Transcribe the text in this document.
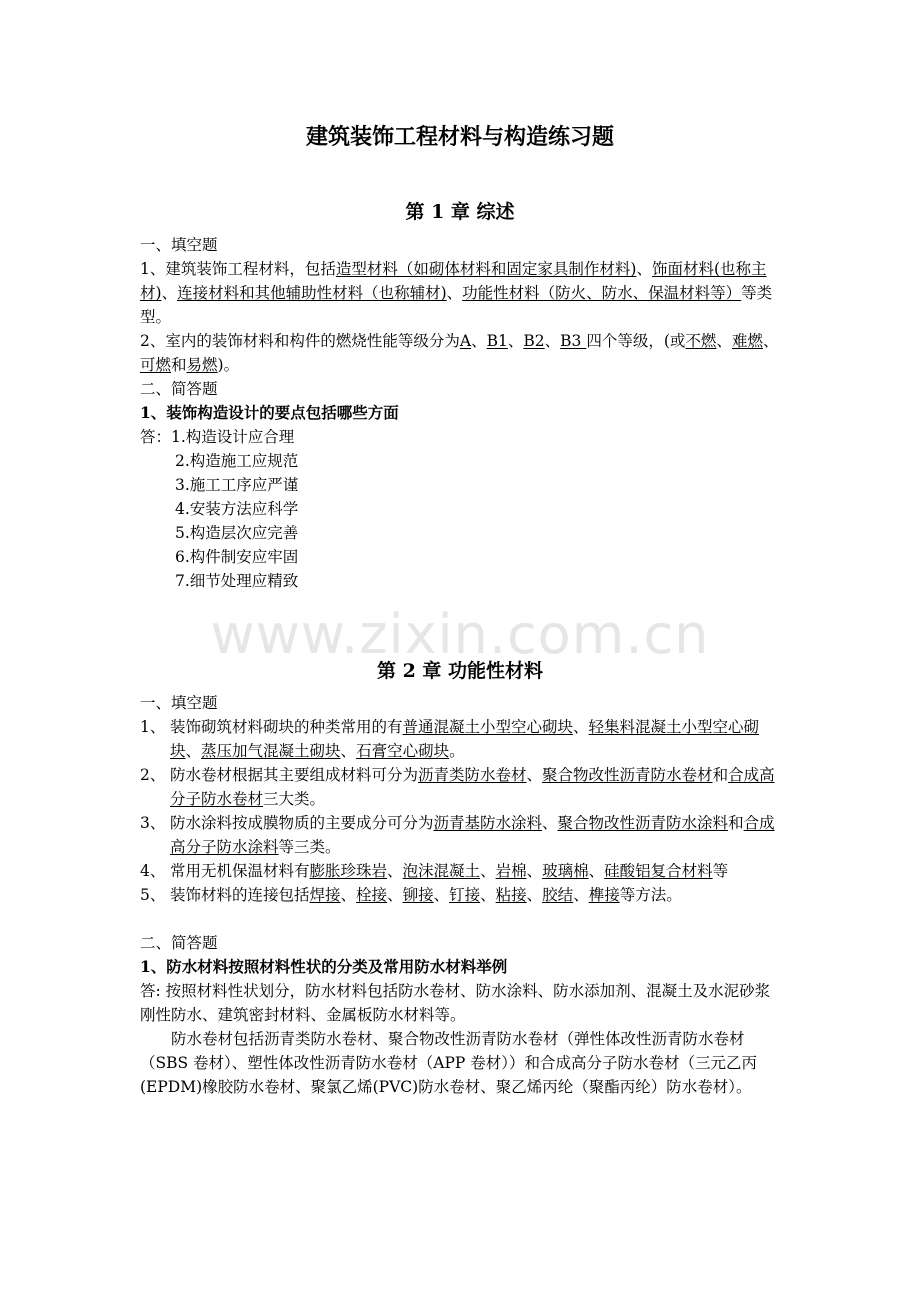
www.zixin.com.cn
建筑装饰工程材料与构造练习题
第 1 章 综述

一、填空题

1、建筑装饰工程材料，包括造型材料（如砌体材料和固定家具制作材料)、饰面材料(也称主材)、连接材料和其他辅助性材料（也称辅材)、功能性材料（防火、防水、保温材料等）等类型。

2、室内的装饰材料和构件的燃烧性能等级分为A、B1、B2、B3 四个等级，(或不燃、难燃、可燃和易燃)。

二、简答题

1、装饰构造设计的要点包括哪些方面

答：1.构造设计应合理
2.构造施工应规范
3.施工工序应严谨
4.安装方法应科学
5.构造层次应完善
6.构件制安应牢固
7.细节处理应精致
第 2 章 功能性材料

一、填空题

1、 装饰砌筑材料砌块的种类常用的有普通混凝土小型空心砌块、轻集料混凝土小型空心砌块、蒸压加气混凝土砌块、石膏空心砌块。
2、 防水卷材根据其主要组成材料可分为沥青类防水卷材、聚合物改性沥青防水卷材和合成高分子防水卷材三大类。
3、 防水涂料按成膜物质的主要成分可分为沥青基防水涂料、聚合物改性沥青防水涂料和合成高分子防水涂料等三类。
4、 常用无机保温材料有膨胀珍珠岩、泡沫混凝土、岩棉、玻璃棉、硅酸铝复合材料等
5、 装饰材料的连接包括焊接、栓接、铆接、钉接、粘接、胶结、榫接等方法。

二、简答题

1、防水材料按照材料性状的分类及常用防水材料举例

答: 按照材料性状划分，防水材料包括防水卷材、防水涂料、防水添加剂、混凝土及水泥砂浆刚性防水、建筑密封材料、金属板防水材料等。

防水卷材包括沥青类防水卷材、聚合物改性沥青防水卷材（弹性体改性沥青防水卷材（SBS 卷材）、塑性体改性沥青防水卷材（APP 卷材））和合成高分子防水卷材（三元乙丙(EPDM)橡胶防水卷材、聚氯乙烯(PVC)防水卷材、聚乙烯丙纶（聚酯丙纶）防水卷材）。
